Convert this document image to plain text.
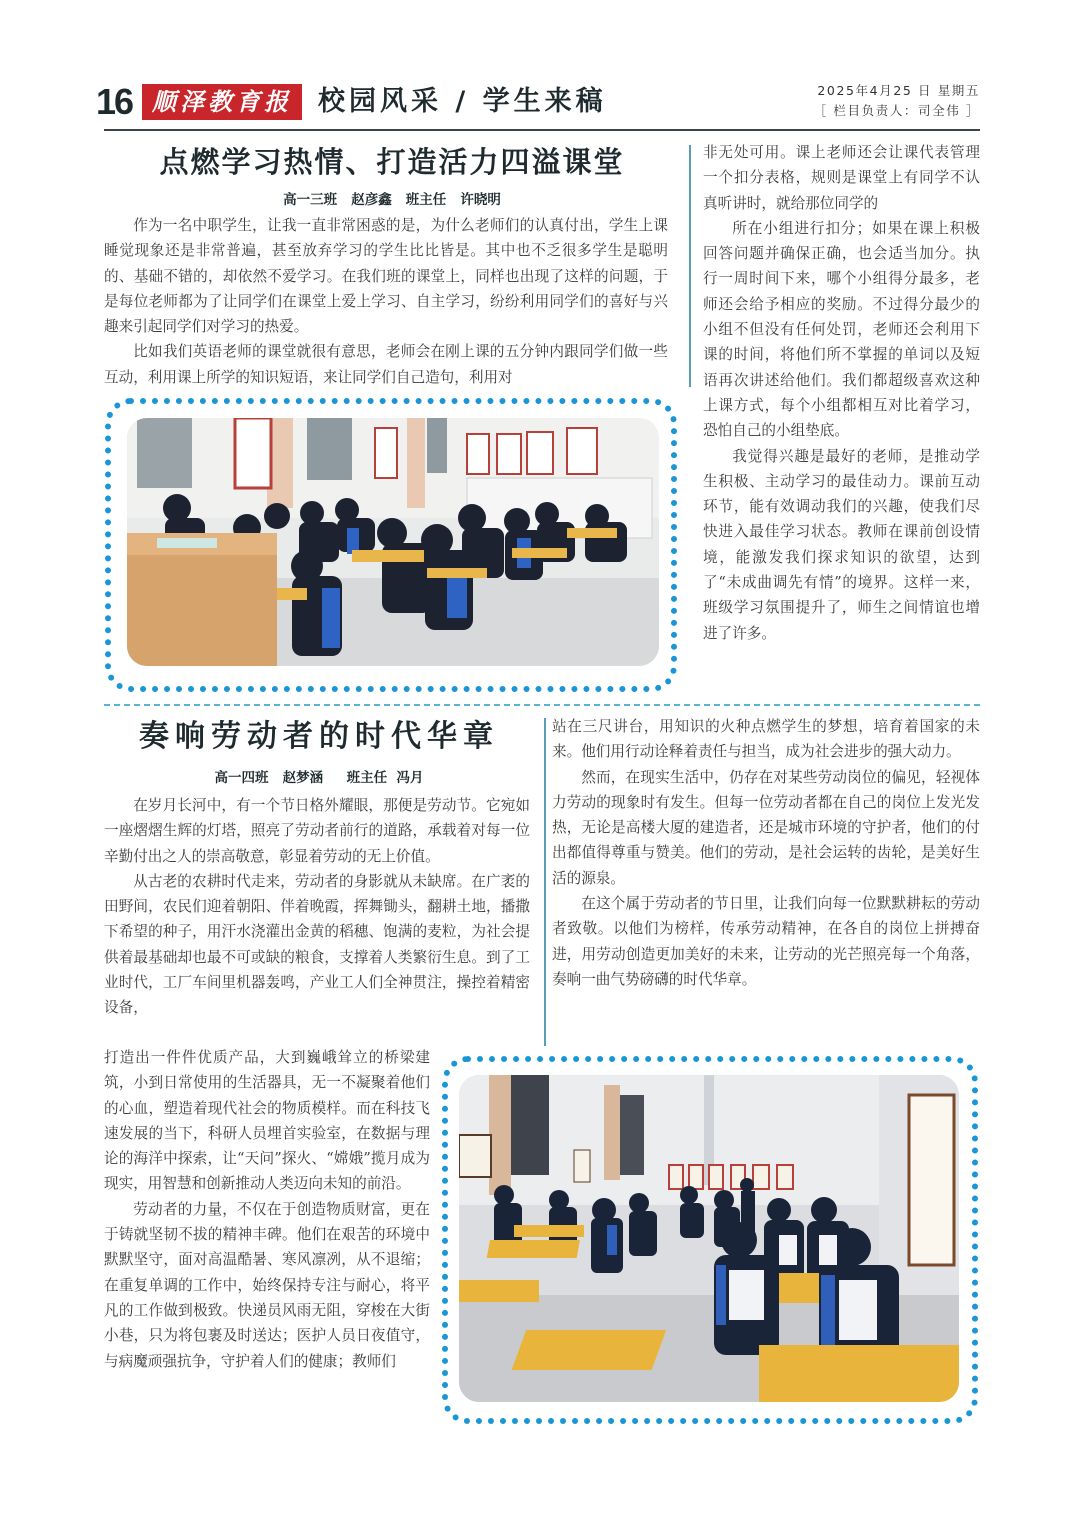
16 顺泽教育报 校园风采 / 学生来稿	2025年4月25 日 星期五
［ 栏目负责人：司全伟 ］
点燃学习热情、打造活力四溢课堂
高一三班   赵彦鑫   班主任   许晓明

作为一名中职学生，让我一直非常困惑的是，为什么老师们的认真付出，学生上课睡觉现象还是非常普遍，甚至放弃学习的学生比比皆是。其中也不乏很多学生是聪明的、基础不错的，却依然不爱学习。在我们班的课堂上，同样也出现了这样的问题，于是每位老师都为了让同学们在课堂上爱上学习、自主学习，纷纷利用同学们的喜好与兴趣来引起同学们对学习的热爱。

比如我们英语老师的课堂就很有意思，老师会在刚上课的五分钟内跟同学们做一些互动，利用课上所学的知识短语，来让同学们自己造句，利用对

非无处可用。课上老师还会让课代表管理一个扣分表格，规则是课堂上有同学不认真听讲时，就给那位同学的

所在小组进行扣分；如果在课上积极回答问题并确保正确，也会适当加分。执行一周时间下来，哪个小组得分最多，老师还会给予相应的奖励。不过得分最少的小组不但没有任何处罚，老师还会利用下课的时间，将他们所不掌握的单词以及短语再次讲述给他们。我们都超级喜欢这种上课方式，每个小组都相互对比着学习，恐怕自己的小组垫底。

我觉得兴趣是最好的老师，是推动学生积极、主动学习的最佳动力。课前互动环节，能有效调动我们的兴趣，使我们尽快进入最佳学习状态。教师在课前创设情境，能激发我们探求知识的欲望，达到了“未成曲调先有情”的境界。这样一来，班级学习氛围提升了，师生之间情谊也增进了许多。

奏响劳动者的时代华章
高一四班   赵梦涵     班主任  冯月

在岁月长河中，有一个节日格外耀眼，那便是劳动节。它宛如一座熠熠生辉的灯塔，照亮了劳动者前行的道路，承载着对每一位辛勤付出之人的崇高敬意，彰显着劳动的无上价值。

从古老的农耕时代走来，劳动者的身影就从未缺席。在广袤的田野间，农民们迎着朝阳、伴着晚霞，挥舞锄头，翻耕土地，播撒下希望的种子，用汗水浇灌出金黄的稻穗、饱满的麦粒，为社会提供着最基础却也最不可或缺的粮食，支撑着人类繁衍生息。到了工业时代，工厂车间里机器轰鸣，产业工人们全神贯注，操控着精密设备，

打造出一件件优质产品，大到巍峨耸立的桥梁建筑，小到日常使用的生活器具，无一不凝聚着他们的心血，塑造着现代社会的物质模样。而在科技飞速发展的当下，科研人员埋首实验室，在数据与理论的海洋中探索，让“天问”探火、“嫦娥”揽月成为现实，用智慧和创新推动人类迈向未知的前沿。

劳动者的力量，不仅在于创造物质财富，更在于铸就坚韧不拔的精神丰碑。他们在艰苦的环境中默默坚守，面对高温酷暑、寒风凛冽，从不退缩；在重复单调的工作中，始终保持专注与耐心，将平凡的工作做到极致。快递员风雨无阻，穿梭在大街小巷，只为将包裹及时送达；医护人员日夜值守，与病魔顽强抗争，守护着人们的健康；教师们

站在三尺讲台，用知识的火种点燃学生的梦想，培育着国家的未来。他们用行动诠释着责任与担当，成为社会进步的强大动力。

然而，在现实生活中，仍存在对某些劳动岗位的偏见，轻视体力劳动的现象时有发生。但每一位劳动者都在自己的岗位上发光发热，无论是高楼大厦的建造者，还是城市环境的守护者，他们的付出都值得尊重与赞美。他们的劳动，是社会运转的齿轮，是美好生活的源泉。

在这个属于劳动者的节日里，让我们向每一位默默耕耘的劳动者致敬。以他们为榜样，传承劳动精神，在各自的岗位上拼搏奋进，用劳动创造更加美好的未来，让劳动的光芒照亮每一个角落，奏响一曲气势磅礴的时代华章。
